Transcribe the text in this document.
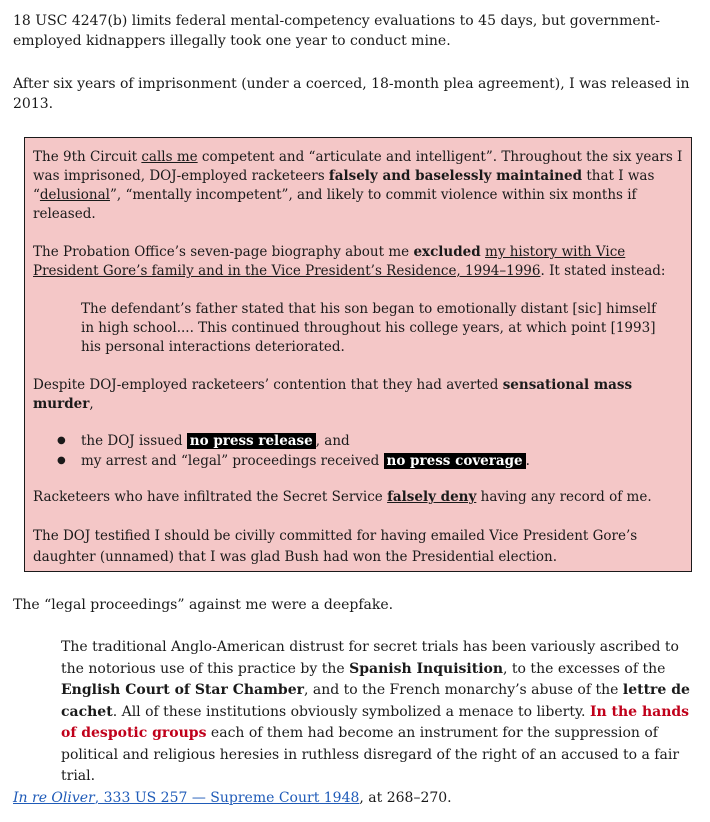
18 USC 4247(b) limits federal mental-competency evaluations to 45 days, but government-employed kidnappers illegally took one year to conduct mine.

After six years of imprisonment (under a coerced, 18-month plea agreement), I was released in 2013.

The 9th Circuit calls me competent and “articulate and intelligent”. Throughout the six years I was imprisoned, DOJ-employed racketeers falsely and baselessly maintained that I was “delusional”, “mentally incompetent”, and likely to commit violence within six months if released.

The Probation Office’s seven-page biography about me excluded my history with Vice President Gore’s family and in the Vice President’s Residence, 1994–1996. It stated instead:

The defendant’s father stated that his son began to emotionally distant [sic] himself in high school.... This continued throughout his college years, at which point [1993] his personal interactions deteriorated.

Despite DOJ-employed racketeers’ contention that they had averted sensational mass murder,

● the DOJ issued no press release , and
● my arrest and “legal” proceedings received no press coverage .

Racketeers who have infiltrated the Secret Service falsely deny having any record of me.

The DOJ testified I should be civilly committed for having emailed Vice President Gore’s daughter (unnamed) that I was glad Bush had won the Presidential election.

The “legal proceedings” against me were a deepfake.

The traditional Anglo-American distrust for secret trials has been variously ascribed to the notorious use of this practice by the Spanish Inquisition, to the excesses of the English Court of Star Chamber, and to the French monarchy’s abuse of the lettre de cachet. All of these institutions obviously symbolized a menace to liberty. In the hands of despotic groups each of them had become an instrument for the suppression of political and religious heresies in ruthless disregard of the right of an accused to a fair trial.

In re Oliver, 333 US 257 — Supreme Court 1948, at 268–270.
